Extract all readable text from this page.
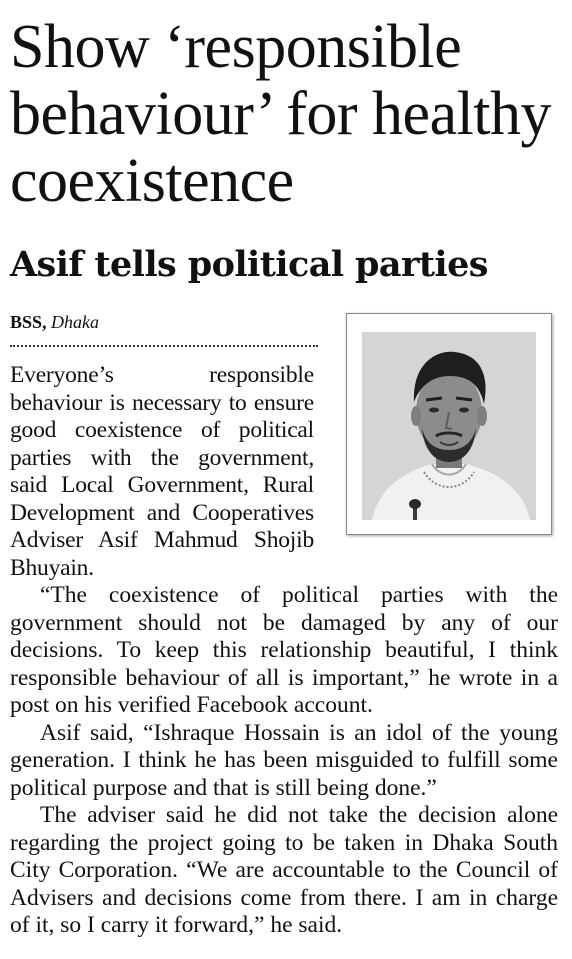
Show ‘responsible behaviour’ for healthy coexistence
Asif tells political parties
BSS, Dhaka

Everyone’s responsible behaviour is necessary to ensure good coexistence of political parties with the government, said Local Government, Rural Development and Cooperatives Adviser Asif Mahmud Shojib Bhuyain.

“The coexistence of political parties with the government should not be damaged by any of our decisions. To keep this relationship beautiful, I think responsible behaviour of all is important,” he wrote in a post on his verified Facebook account.

Asif said, “Ishraque Hossain is an idol of the young generation. I think he has been misguided to fulfill some political purpose and that is still being done.”

The adviser said he did not take the decision alone regarding the project going to be taken in Dhaka South City Corporation. “We are accountable to the Council of Advisers and decisions come from there. I am in charge of it, so I carry it forward,” he said.
